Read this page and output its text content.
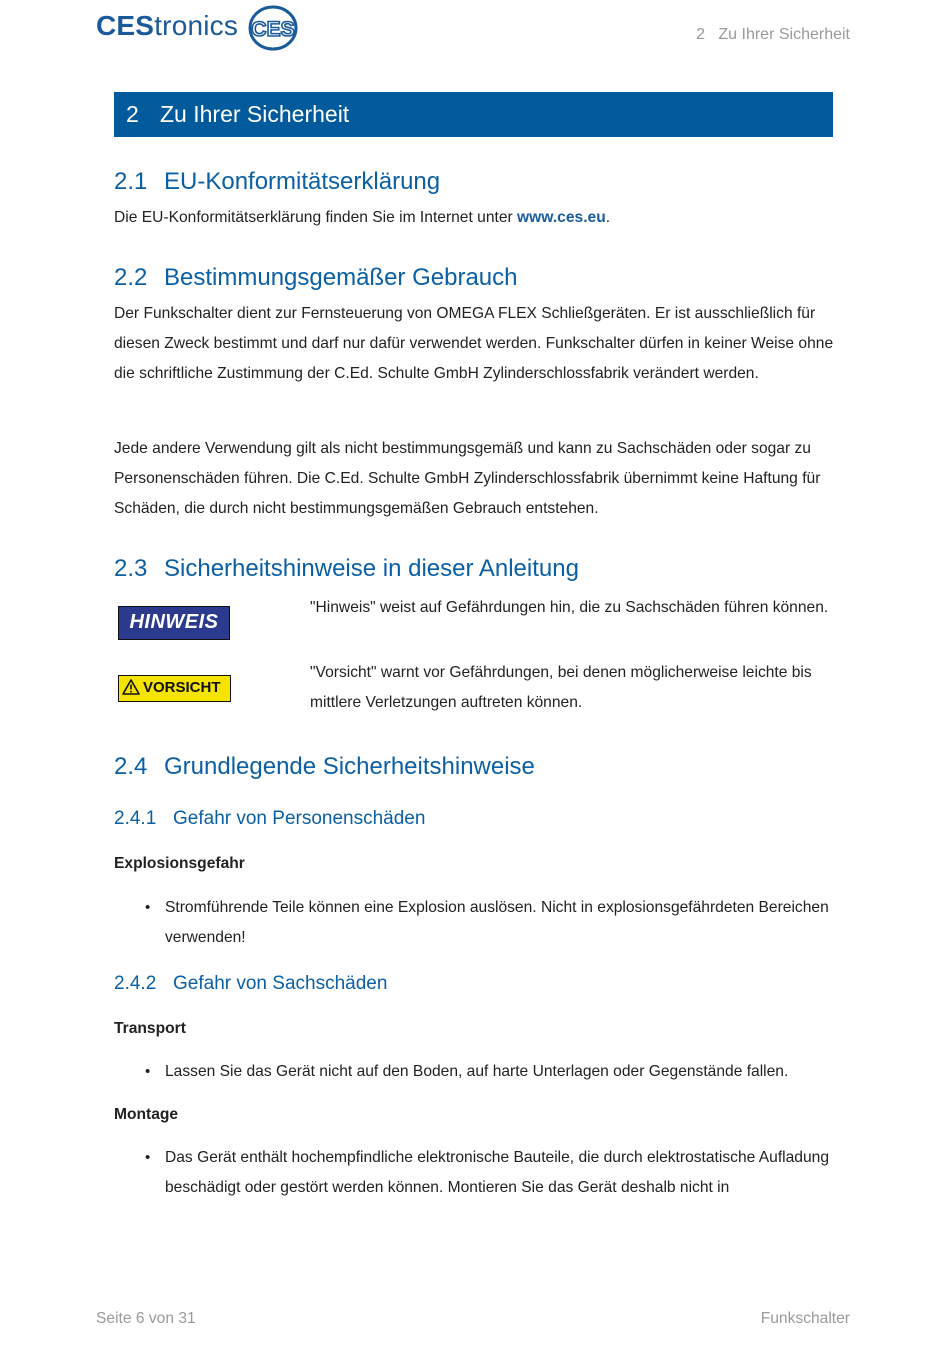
CEStronics CES	2   Zu Ihrer Sicherheit
2 Zu Ihrer Sicherheit
2.1 EU-Konformitätserklärung

Die EU-Konformitätserklärung finden Sie im Internet unter www.ces.eu.

2.2 Bestimmungsgemäßer Gebrauch

Der Funkschalter dient zur Fernsteuerung von OMEGA FLEX Schließgeräten. Er ist ausschließlich für diesen Zweck bestimmt und darf nur dafür verwendet werden. Funkschalter dürfen in keiner Weise ohne die schriftliche Zustimmung der C.Ed. Schulte GmbH Zylinderschlossfabrik verändert werden.

Jede andere Verwendung gilt als nicht bestimmungsgemäß und kann zu Sachschäden oder sogar zu Personenschäden führen. Die C.Ed. Schulte GmbH Zylinderschlossfabrik übernimmt keine Haftung für Schäden, die durch nicht bestimmungsgemäßen Gebrauch entstehen.

2.3 Sicherheitshinweise in dieser Anleitung
HINWEIS
"Hinweis" weist auf Gefährdungen hin, die zu Sachschäden führen können.
VORSICHT
"Vorsicht" warnt vor Gefährdungen, bei denen möglicherweise leichte bis mittlere Verletzungen auftreten können.
2.4 Grundlegende Sicherheitshinweise
2.4.1 Gefahr von Personenschäden
Explosionsgefahr
• Stromführende Teile können eine Explosion auslösen. Nicht in explosionsgefährdeten Bereichen verwenden!
2.4.2 Gefahr von Sachschäden
Transport
• Lassen Sie das Gerät nicht auf den Boden, auf harte Unterlagen oder Gegenstände fallen.
Montage
• Das Gerät enthält hochempfindliche elektronische Bauteile, die durch elektrostatische Aufladung beschädigt oder gestört werden können. Montieren Sie das Gerät deshalb nicht in
Seite 6 von 31	Funkschalter
